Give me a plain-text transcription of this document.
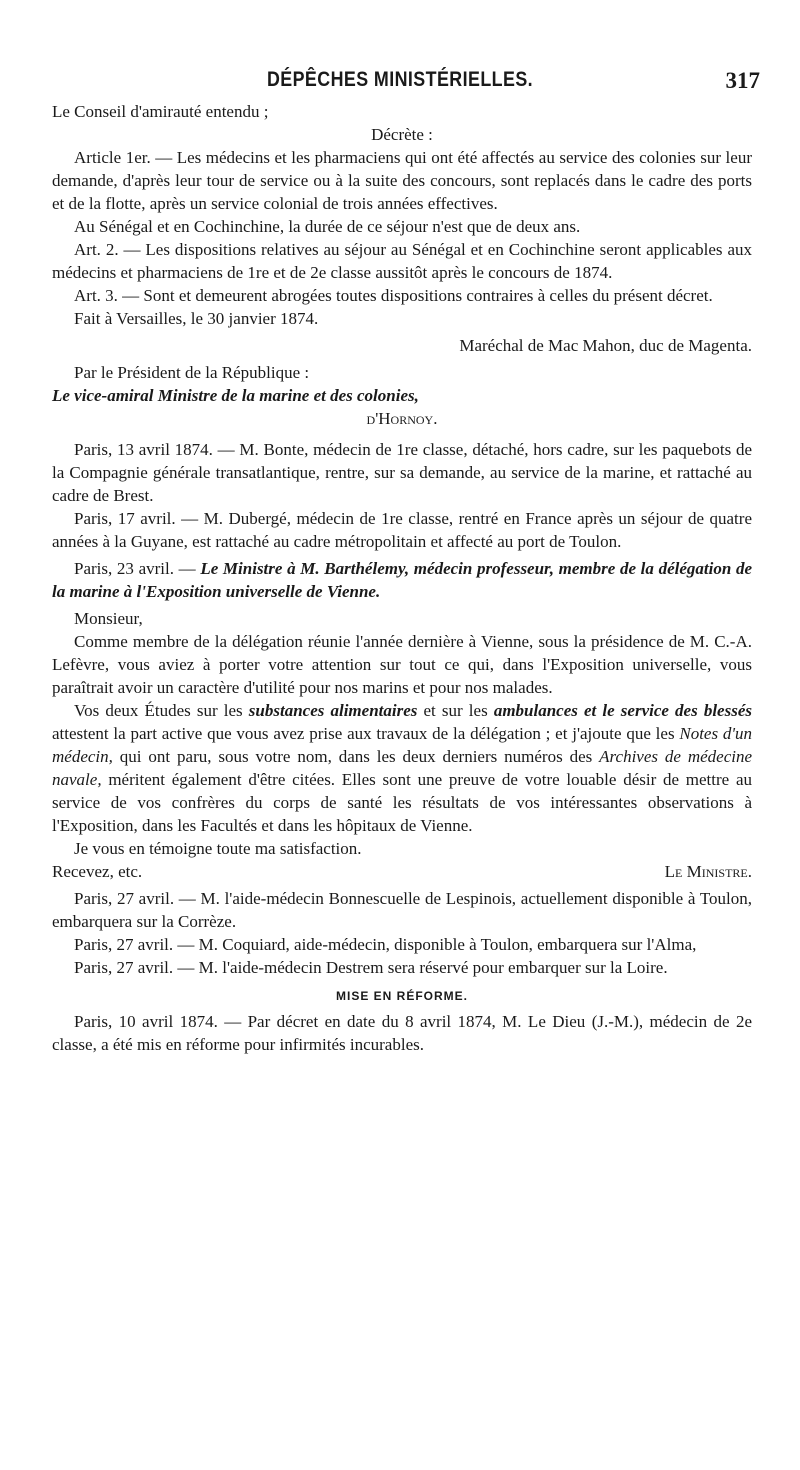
DÉPÊCHES MINISTÉRIELLES.	317

Le Conseil d'amirauté entendu ;

Décrète :

Article 1er. — Les médecins et les pharmaciens qui ont été affectés au service des colonies sur leur demande, d'après leur tour de service ou à la suite des concours, sont replacés dans le cadre des ports et de la flotte, après un service colonial de trois années effectives.

Au Sénégal et en Cochinchine, la durée de ce séjour n'est que de deux ans.

Art. 2. — Les dispositions relatives au séjour au Sénégal et en Cochinchine seront applicables aux médecins et pharmaciens de 1re et de 2e classe aussitôt après le concours de 1874.

Art. 3. — Sont et demeurent abrogées toutes dispositions contraires à celles du présent décret.

Fait à Versailles, le 30 janvier 1874.

Maréchal de Mac Mahon, duc de Magenta.

Par le Président de la République :

Le vice-amiral Ministre de la marine et des colonies,

d'Hornoy.

Paris, 13 avril 1874. — M. Bonte, médecin de 1re classe, détaché, hors cadre, sur les paquebots de la Compagnie générale transatlantique, rentre, sur sa demande, au service de la marine, et rattaché au cadre de Brest.

Paris, 17 avril. — M. Dubergé, médecin de 1re classe, rentré en France après un séjour de quatre années à la Guyane, est rattaché au cadre métropolitain et affecté au port de Toulon.

Paris, 23 avril. — Le Ministre à M. Barthélemy, médecin professeur, membre de la délégation de la marine à l'Exposition universelle de Vienne.

Monsieur,

Comme membre de la délégation réunie l'année dernière à Vienne, sous la présidence de M. C.-A. Lefèvre, vous aviez à porter votre attention sur tout ce qui, dans l'Exposition universelle, vous paraîtrait avoir un caractère d'utilité pour nos marins et pour nos malades.

Vos deux Études sur les substances alimentaires et sur les ambulances et le service des blessés attestent la part active que vous avez prise aux travaux de la délégation ; et j'ajoute que les Notes d'un médecin, qui ont paru, sous votre nom, dans les deux derniers numéros des Archives de médecine navale, méritent également d'être citées. Elles sont une preuve de votre louable désir de mettre au service de vos confrères du corps de santé les résultats de vos intéressantes observations à l'Exposition, dans les Facultés et dans les hôpitaux de Vienne.

Je vous en témoigne toute ma satisfaction.

Recevez, etc.	Le Ministre.

Paris, 27 avril. — M. l'aide-médecin Bonnescuelle de Lespinois, actuellement disponible à Toulon, embarquera sur la Corrèze.

Paris, 27 avril. — M. Coquiard, aide-médecin, disponible à Toulon, embarquera sur l'Alma,

Paris, 27 avril. — M. l'aide-médecin Destrem sera réservé pour embarquer sur la Loire.

MISE EN RÉFORME.

Paris, 10 avril 1874. — Par décret en date du 8 avril 1874, M. Le Dieu (J.-M.), médecin de 2e classe, a été mis en réforme pour infirmités incurables.
